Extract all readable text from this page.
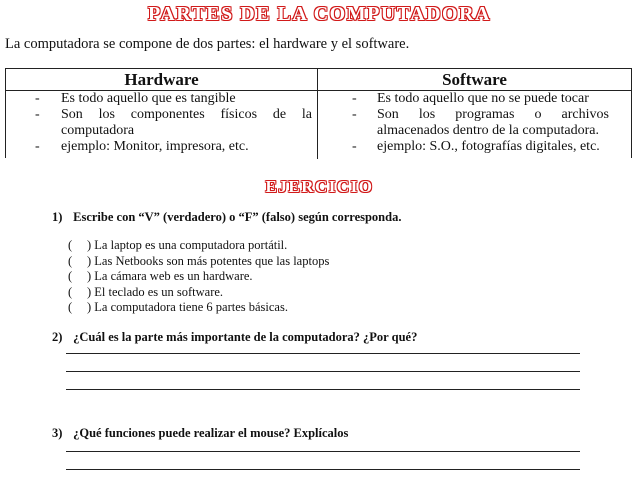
PARTES DE LA COMPUTADORA
La computadora se compone de dos partes: el hardware y el software.
Hardware
- Es todo aquello que es tangible
- Son los componentes físicos de la computadora
- ejemplo: Monitor, impresora, etc.
Software
- Es todo aquello que no se puede tocar
- Son los programas o archivos almacenados dentro de la computadora.
- ejemplo: S.O., fotografías digitales, etc.
EJERCICIO
1) Escribe con “V” (verdadero) o “F” (falso) según corresponda.
( ) La laptop es una computadora portátil.
( ) Las Netbooks son más potentes que las laptops
( ) La cámara web es un hardware.
( ) El teclado es un software.
( ) La computadora tiene 6 partes básicas.
2) ¿Cuál es la parte más importante de la computadora? ¿Por qué?
3) ¿Qué funciones puede realizar el mouse? Explícalos
